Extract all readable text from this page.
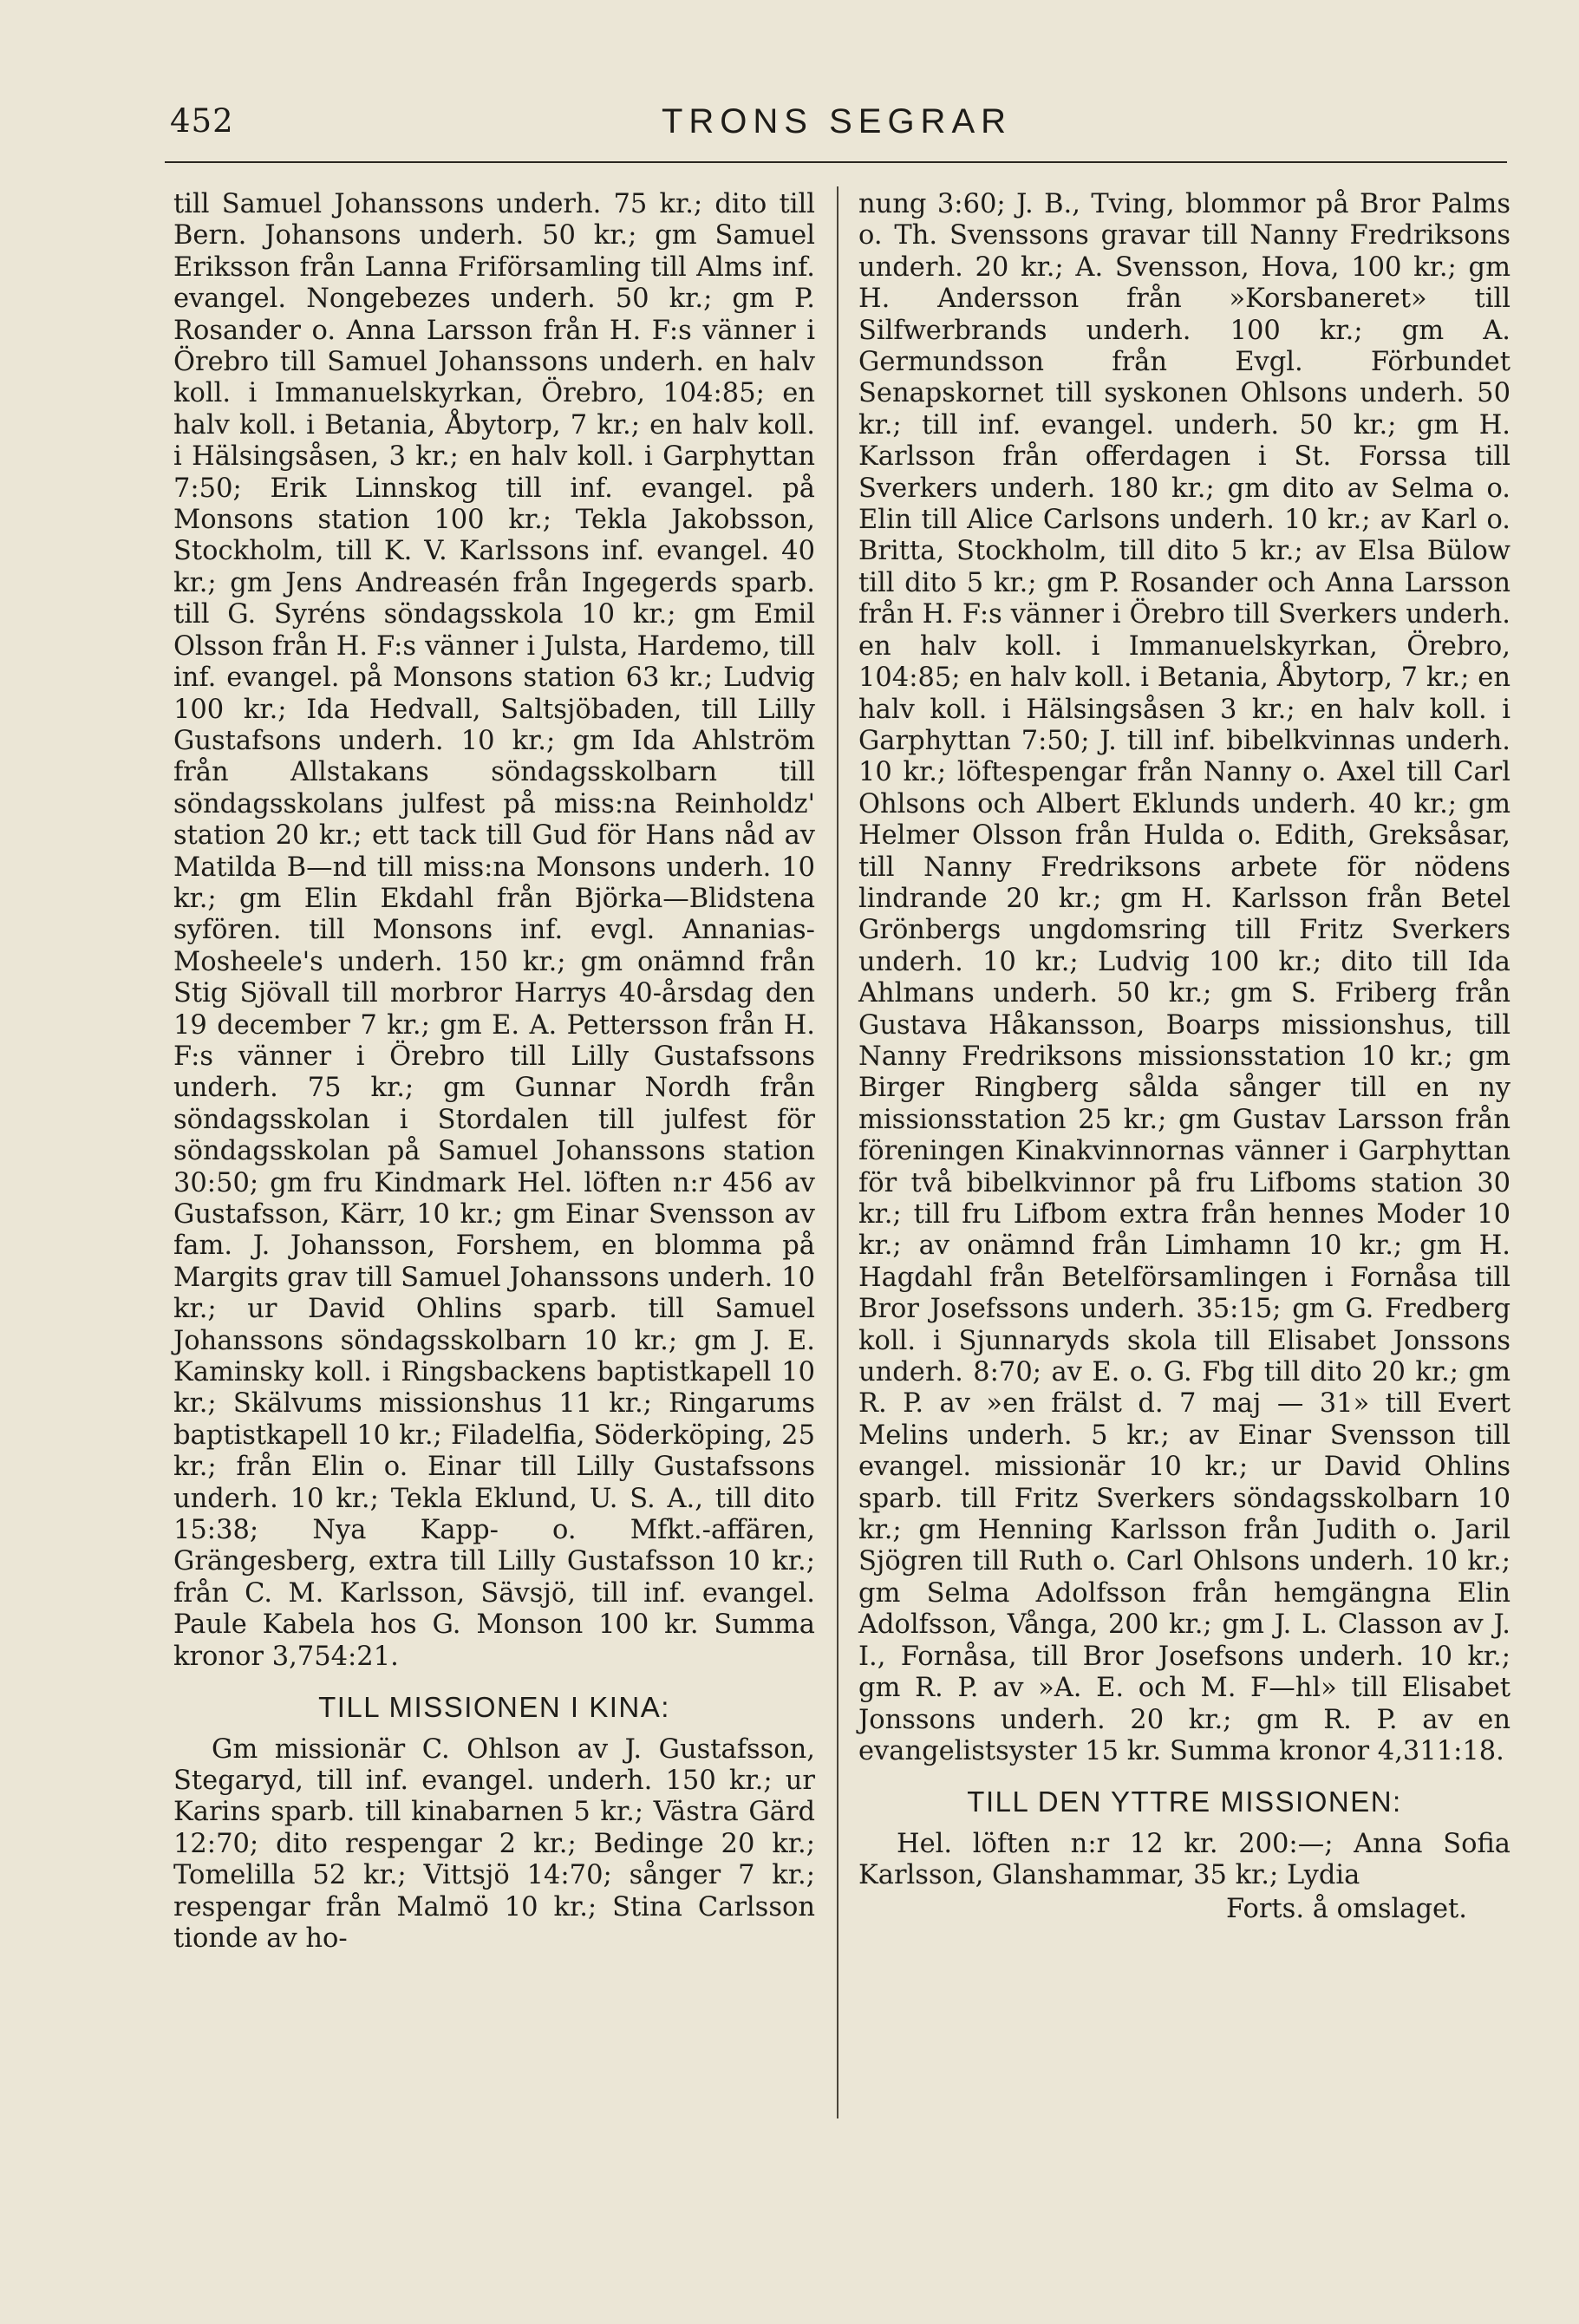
452	TRONS SEGRAR

till Samuel Johanssons underh. 75 kr.; dito till Bern. Johansons underh. 50 kr.; gm Samuel Eriksson från Lanna Friförsamling till Alms inf. evangel. Nongebezes underh. 50 kr.; gm P. Rosander o. Anna Larsson från H. F:s vänner i Örebro till Samuel Johanssons underh. en halv koll. i Immanuelskyrkan, Örebro, 104:85; en halv koll. i Betania, Åbytorp, 7 kr.; en halv koll. i Hälsingsåsen, 3 kr.; en halv koll. i Garphyttan 7:50; Erik Linnskog till inf. evangel. på Monsons station 100 kr.; Tekla Jakobsson, Stockholm, till K. V. Karlssons inf. evangel. 40 kr.; gm Jens Andreasén från Ingegerds sparb. till G. Syréns söndagsskola 10 kr.; gm Emil Olsson från H. F:s vänner i Julsta, Hardemo, till inf. evangel. på Monsons station 63 kr.; Ludvig 100 kr.; Ida Hedvall, Saltsjöbaden, till Lilly Gustafsons underh. 10 kr.; gm Ida Ahlström från Allstakans söndagsskolbarn till söndagsskolans julfest på miss:na Reinholdz' station 20 kr.; ett tack till Gud för Hans nåd av Matilda B—nd till miss:na Monsons underh. 10 kr.; gm Elin Ekdahl från Björka—Blidstena syfören. till Monsons inf. evgl. Annanias-Mosheele's underh. 150 kr.; gm onämnd från Stig Sjövall till morbror Harrys 40-årsdag den 19 december 7 kr.; gm E. A. Pettersson från H. F:s vänner i Örebro till Lilly Gustafssons underh. 75 kr.; gm Gunnar Nordh från söndagsskolan i Stordalen till julfest för söndagsskolan på Samuel Johanssons station 30:50; gm fru Kindmark Hel. löften n:r 456 av Gustafsson, Kärr, 10 kr.; gm Einar Svensson av fam. J. Johansson, Forshem, en blomma på Margits grav till Samuel Johanssons underh. 10 kr.; ur David Ohlins sparb. till Samuel Johanssons söndagsskolbarn 10 kr.; gm J. E. Kaminsky koll. i Ringsbackens baptistkapell 10 kr.; Skälvums missionshus 11 kr.; Ringarums baptistkapell 10 kr.; Filadelfia, Söderköping, 25 kr.; från Elin o. Einar till Lilly Gustafssons underh. 10 kr.; Tekla Eklund, U. S. A., till dito 15:38; Nya Kapp- o. Mfkt.-affären, Grängesberg, extra till Lilly Gustafsson 10 kr.; från C. M. Karlsson, Sävsjö, till inf. evangel. Paule Kabela hos G. Monson 100 kr. Summa kronor 3,754:21.

TILL MISSIONEN I KINA:

Gm missionär C. Ohlson av J. Gustafsson, Stegaryd, till inf. evangel. underh. 150 kr.; ur Karins sparb. till kinabarnen 5 kr.; Västra Gärd 12:70; dito respengar 2 kr.; Bedinge 20 kr.; Tomelilla 52 kr.; Vittsjö 14:70; sånger 7 kr.; respengar från Malmö 10 kr.; Stina Carlsson tionde av ho-

nung 3:60; J. B., Tving, blommor på Bror Palms o. Th. Svenssons gravar till Nanny Fredriksons underh. 20 kr.; A. Svensson, Hova, 100 kr.; gm H. Andersson från »Korsbaneret» till Silfwerbrands underh. 100 kr.; gm A. Germundsson från Evgl. Förbundet Senapskornet till syskonen Ohlsons underh. 50 kr.; till inf. evangel. underh. 50 kr.; gm H. Karlsson från offerdagen i St. Forssa till Sverkers underh. 180 kr.; gm dito av Selma o. Elin till Alice Carlsons underh. 10 kr.; av Karl o. Britta, Stockholm, till dito 5 kr.; av Elsa Bülow till dito 5 kr.; gm P. Rosander och Anna Larsson från H. F:s vänner i Örebro till Sverkers underh. en halv koll. i Immanuelskyrkan, Örebro, 104:85; en halv koll. i Betania, Åbytorp, 7 kr.; en halv koll. i Hälsingsåsen 3 kr.; en halv koll. i Garphyttan 7:50; J. till inf. bibelkvinnas underh. 10 kr.; löftespengar från Nanny o. Axel till Carl Ohlsons och Albert Eklunds underh. 40 kr.; gm Helmer Olsson från Hulda o. Edith, Greksåsar, till Nanny Fredriksons arbete för nödens lindrande 20 kr.; gm H. Karlsson från Betel Grönbergs ungdomsring till Fritz Sverkers underh. 10 kr.; Ludvig 100 kr.; dito till Ida Ahlmans underh. 50 kr.; gm S. Friberg från Gustava Håkansson, Boarps missionshus, till Nanny Fredriksons missionsstation 10 kr.; gm Birger Ringberg sålda sånger till en ny missionsstation 25 kr.; gm Gustav Larsson från föreningen Kinakvinnornas vänner i Garphyttan för två bibelkvinnor på fru Lifboms station 30 kr.; till fru Lifbom extra från hennes Moder 10 kr.; av onämnd från Limhamn 10 kr.; gm H. Hagdahl från Betelförsamlingen i Fornåsa till Bror Josefssons underh. 35:15; gm G. Fredberg koll. i Sjunnaryds skola till Elisabet Jonssons underh. 8:70; av E. o. G. Fbg till dito 20 kr.; gm R. P. av »en frälst d. 7 maj — 31» till Evert Melins underh. 5 kr.; av Einar Svensson till evangel. missionär 10 kr.; ur David Ohlins sparb. till Fritz Sverkers söndagsskolbarn 10 kr.; gm Henning Karlsson från Judith o. Jaril Sjögren till Ruth o. Carl Ohlsons underh. 10 kr.; gm Selma Adolfsson från hemgängna Elin Adolfsson, Vånga, 200 kr.; gm J. L. Classon av J. I., Fornåsa, till Bror Josefsons underh. 10 kr.; gm R. P. av »A. E. och M. F—hl» till Elisabet Jonssons underh. 20 kr.; gm R. P. av en evangelistsyster 15 kr. Summa kronor 4,311:18.

TILL DEN YTTRE MISSIONEN:

Hel. löften n:r 12 kr. 200:—; Anna Sofia Karlsson, Glanshammar, 35 kr.; Lydia

Forts. å omslaget.
